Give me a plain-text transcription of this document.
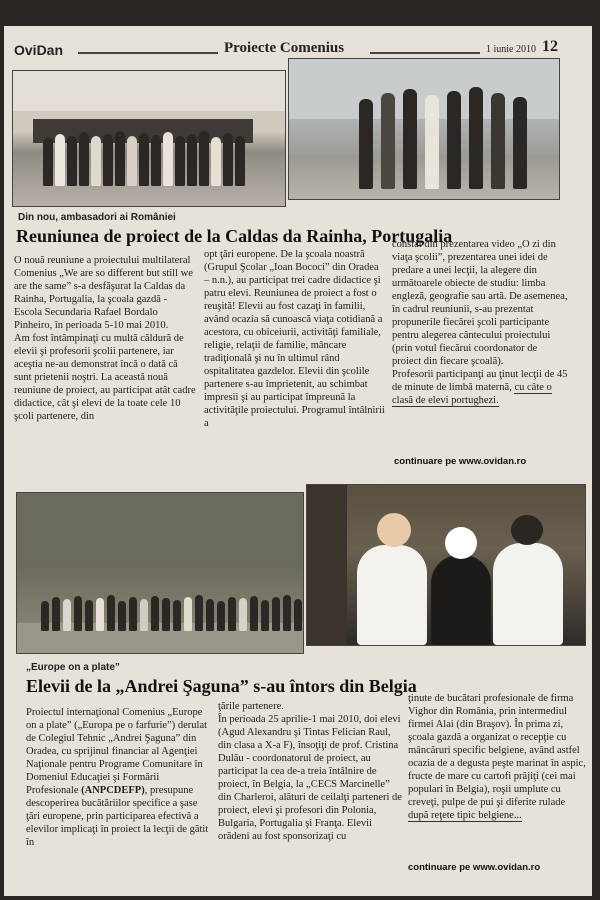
OviDan	Proiecte Comenius	1 iunie 2010 12
Din nou, ambasadori ai României
Reuniunea de proiect de la Caldas da Rainha, Portugalia
O nouă reuniune a proiectului multilateral Comenius „We are so different but still we are the same” s-a desfăşurat la Caldas da Rainha, Portugalia, la şcoala gazdă - Escola Secundaria Rafael Bordalo Pinheiro, în perioada 5-10 mai 2010.
Am fost întâmpinaţi cu multă căldură de elevii şi profesorii şcolii partenere, iar aceştia ne-au demonstrat încă o dată că sunt prietenii noştri. La această nouă reuniune de proiect, au participat atât cadre didactice, cât şi elevi de la toate cele 10 şcoli partenere, din
opt ţări europene. De la şcoala noastră (Grupul Şcolar „Ioan Bococi” din Oradea – n.n.), au participat trei cadre didactice şi patru elevi. Reuniunea de proiect a fost o reuşită! Elevii au fost cazaţi în familii, având ocazia să cunoască viaţa cotidiană a acestora, cu obiceiurii, activităţi familiale, religie, relaţii de familie, mâncare tradiţională şi nu în ultimul rând ospitalitatea gazdelor. Elevii din şcolile partenere s-au împrietenit, au schimbat impresii şi au participat împreună la activităţile proiectului. Programul întâlnirii a
constat din prezentarea video „O zi din viaţa şcolii”, prezentarea unei idei de predare a unei lecţii, la alegere din următoarele obiecte de studiu: limba engleză, geografie sau artă. De asemenea, în cadrul reuniunii, s-au prezentat propunerile fiecărei şcoli participante pentru alegerea cântecului proiectului (prin votul fiecărui coordonator de proiect din fiecare şcoală).
Profesorii participanţi au ţinut lecţii de 45 de minute de limbă maternă, cu câte o clasă de elevi portughezi.
continuare pe www.ovidan.ro
„Europe on a plate”
Elevii de la „Andrei Şaguna” s-au întors din Belgia
Proiectul internaţional Comenius „Europe on a plate” („Europa pe o farfurie”) derulat de Colegiul Tehnic „Andrei Şaguna” din Oradea, cu sprijinul financiar al Agenţiei Naţionale pentru Programe Comunitare în Domeniul Educaţiei şi Formării Profesionale (ANPCDEFP), presupune descoperirea bucătăriilor specifice a şase ţări europene, prin participarea efectivă a elevilor implicaţi în proiect la lecţii de gătit în
ţările partenere.
În perioada 25 aprilie-1 mai 2010, doi elevi (Agud Alexandru şi Tintas Felician Raul, din clasa a X-a F), însoţiţi de prof. Cristina Dulău - coordonatorul de proiect, au participat la cea de-a treia întâlnire de proiect, în Belgia, la „CECS Marcinelle” din Charleroi, alături de ceilalţi parteneri de proiect, elevi şi profesori din Polonia, Bulgaria, Portugalia şi Franţa. Elevii orădeni au fost sponsorizaţi cu
ţinute de bucătari profesionale de firma Vighor din România, prin intermediul firmei Alai (din Braşov). În prima zi, şcoala gazdă a organizat o recepţie cu mâncăruri specific belgiene, având astfel ocazia de a degusta peşte marinat în aspic, fructe de mare cu cartofi prăjiţi (cei mai populari în Belgia), roşii umplute cu creveţi, pulpe de pui şi diferite rulade după reţete tipic belgiene...
continuare pe www.ovidan.ro
